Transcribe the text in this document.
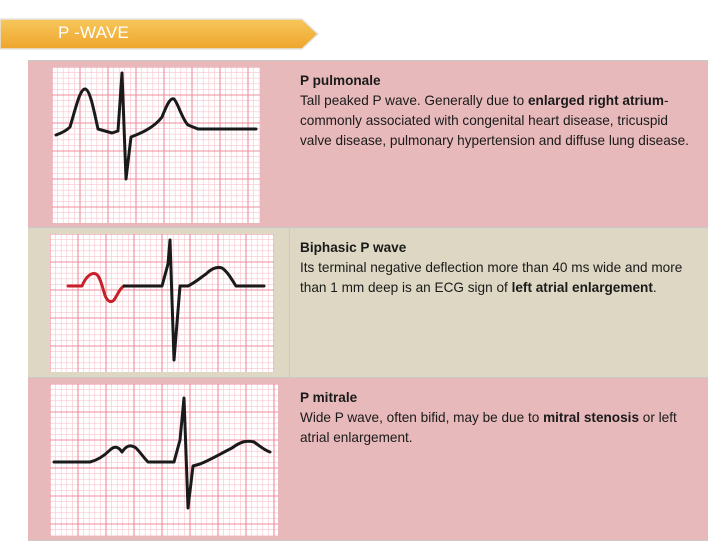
P -WAVE
P pulmonale
Tall peaked P wave. Generally due to enlarged right atrium- commonly associated with congenital heart disease, tricuspid valve disease, pulmonary hypertension and diffuse lung disease.
Biphasic P wave
Its terminal negative deflection more than 40 ms wide and more than 1 mm deep is an ECG sign of left atrial enlargement.
P mitrale
Wide P wave, often bifid, may be due to mitral stenosis or left atrial enlargement.
